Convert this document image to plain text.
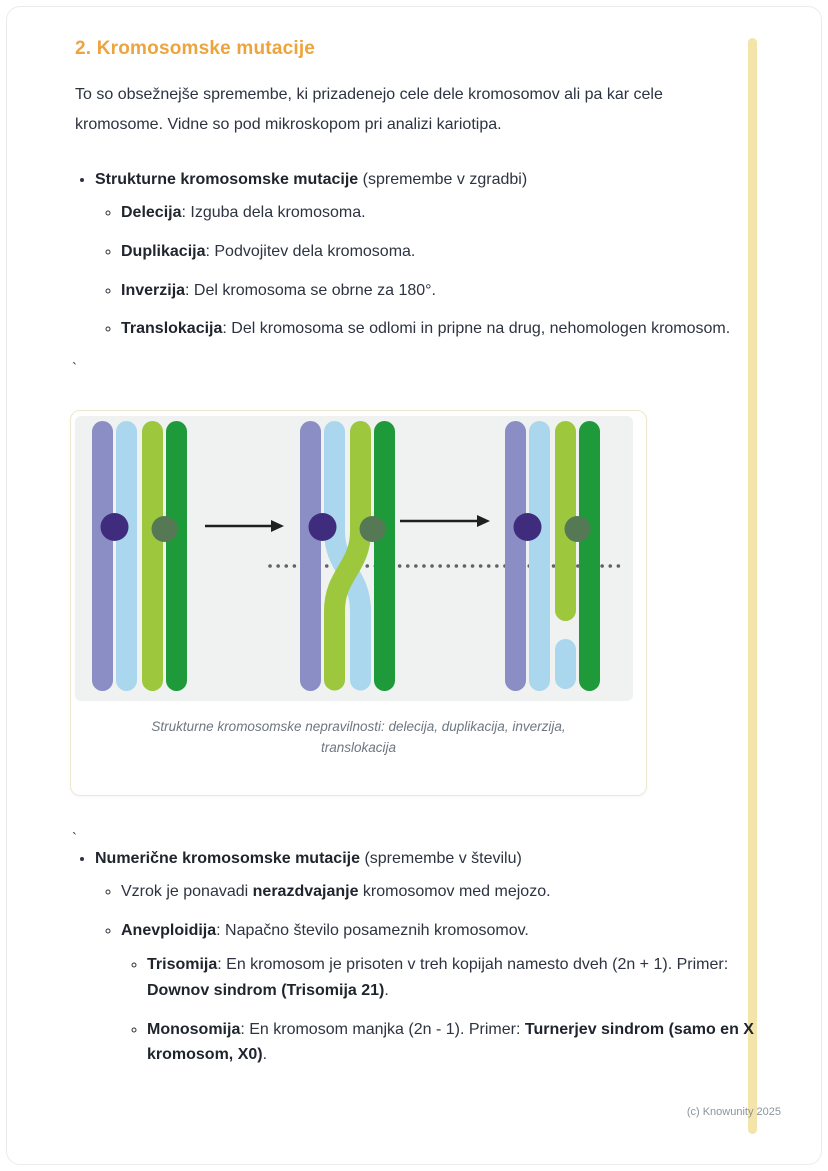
2. Kromosomske mutacije

To so obsežnejše spremembe, ki prizadenejo cele dele kromosomov ali pa kar cele kromosome. Vidne so pod mikroskopom pri analizi kariotipa.

• Strukturne kromosomske mutacije (spremembe v zgradbi)
◦ Delecija: Izguba dela kromosoma.
◦ Duplikacija: Podvojitev dela kromosoma.
◦ Inverzija: Del kromosoma se obrne za 180°.
◦ Translokacija: Del kromosoma se odlomi in pripne na drug, nehomologen kromosom.
`
Strukturne kromosomske nepravilnosti: delecija, duplikacija, inverzija, translokacija
`
• Numerične kromosomske mutacije (spremembe v številu)
◦ Vzrok je ponavadi nerazdvajanje kromosomov med mejozo.
◦ Anevploidija: Napačno število posameznih kromosomov.
◦ Trisomija: En kromosom je prisoten v treh kopijah namesto dveh (2n + 1). Primer: Downov sindrom (Trisomija 21).
◦ Monosomija: En kromosom manjka (2n - 1). Primer: Turnerjev sindrom (samo en X kromosom, X0).
(c) Knowunity 2025
